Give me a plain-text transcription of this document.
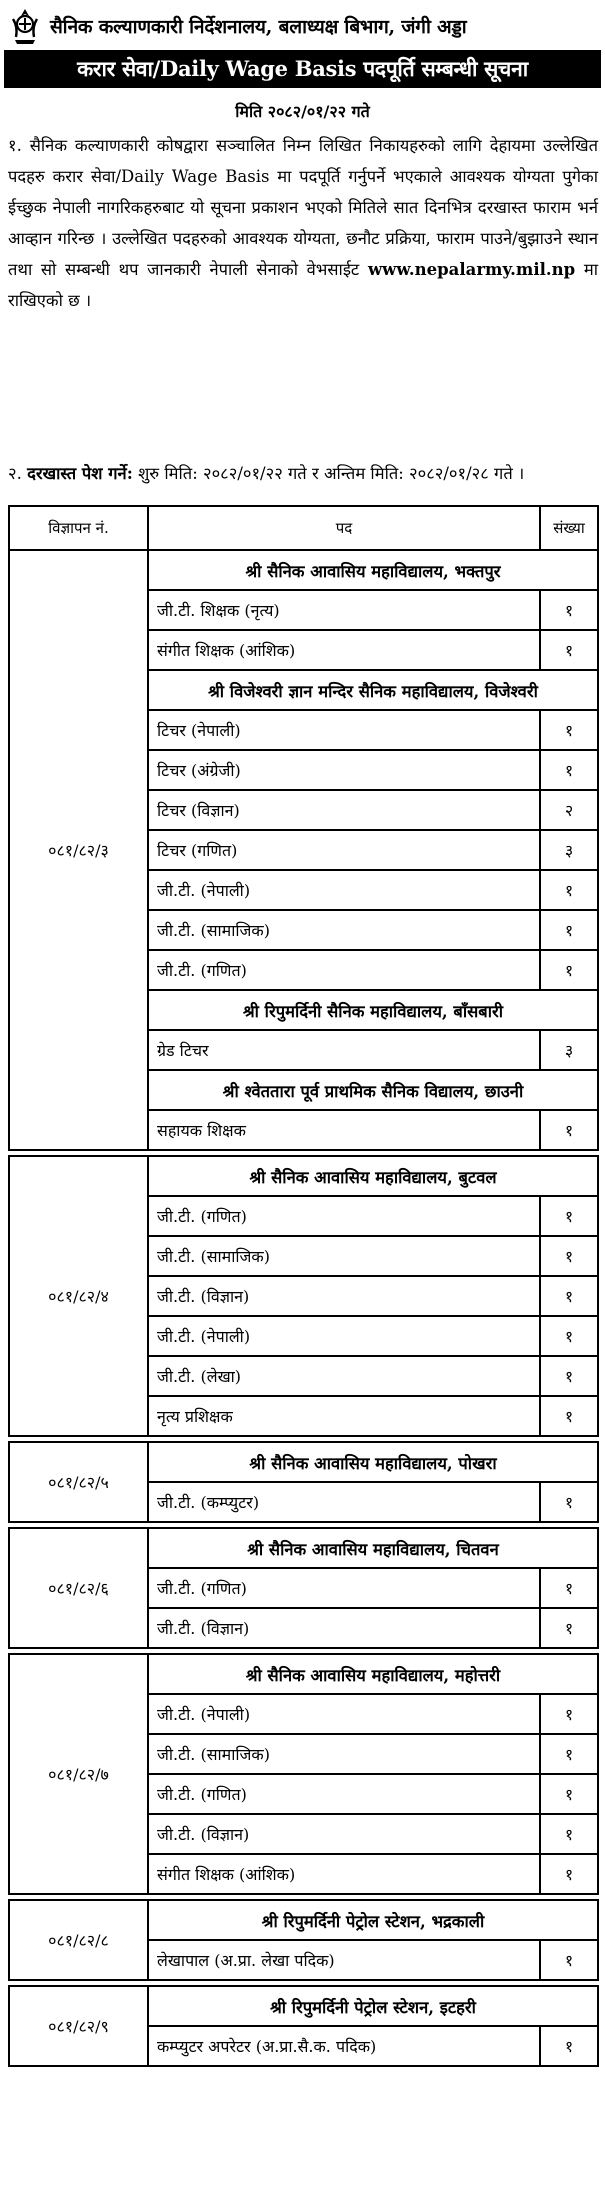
सैनिक कल्याणकारी निर्देशनालय, बलाध्यक्ष बिभाग, जंगी अड्डा
करार सेवा/Daily Wage Basis पदपूर्ति सम्बन्धी सूचना
मिति २०८२/०१/२२ गते
१. सैनिक कल्याणकारी कोषद्वारा सञ्चालित निम्न लिखित निकायहरुको लागि देहायमा उल्लेखित पदहरु करार सेवा/Daily Wage Basis मा पदपूर्ति गर्नुपर्ने भएकाले आवश्यक योग्यता पुगेका ईच्छुक नेपाली नागरिकहरुबाट यो सूचना प्रकाशन भएको मितिले सात दिनभित्र दरखास्त फाराम भर्न आव्हान गरिन्छ । उल्लेखित पदहरुको आवश्यक योग्यता, छनौट प्रक्रिया, फाराम पाउने/बुझाउने स्थान तथा सो सम्बन्धी थप जानकारी नेपाली सेनाको वेभसाईट www.nepalarmy.mil.np मा राखिएको छ ।
२. दरखास्त पेश गर्ने: शुरु मिति: २०८२/०१/२२ गते र अन्तिम मिति: २०८२/०१/२८ गते ।
विज्ञापन नं.	पद	संख्या
०८१/८२/३	श्री सैनिक आवासिय महाविद्यालय, भक्तपुर	
	जी.टी. शिक्षक (नृत्य)	१
	संगीत शिक्षक (आंशिक)	१
	श्री विजेश्वरी ज्ञान मन्दिर सैनिक महाविद्यालय, विजेश्वरी	
	टिचर (नेपाली)	१
	टिचर (अंग्रेजी)	१
	टिचर (विज्ञान)	२
	टिचर (गणित)	३
	जी.टी. (नेपाली)	१
	जी.टी. (सामाजिक)	१
	जी.टी. (गणित)	१
	श्री रिपुमर्दिनी सैनिक महाविद्यालय, बाँसबारी	
	ग्रेड टिचर	३
	श्री श्वेततारा पूर्व प्राथमिक सैनिक विद्यालय, छाउनी	
	सहायक शिक्षक	१

०८१/८२/४	श्री सैनिक आवासिय महाविद्यालय, बुटवल	
	जी.टी. (गणित)	१
	जी.टी. (सामाजिक)	१
	जी.टी. (विज्ञान)	१
	जी.टी. (नेपाली)	१
	जी.टी. (लेखा)	१
	नृत्य प्रशिक्षक	१

०८१/८२/५	श्री सैनिक आवासिय महाविद्यालय, पोखरा	
	जी.टी. (कम्प्युटर)	१

०८१/८२/६	श्री सैनिक आवासिय महाविद्यालय, चितवन	
	जी.टी. (गणित)	१
	जी.टी. (विज्ञान)	१

०८१/८२/७	श्री सैनिक आवासिय महाविद्यालय, महोत्तरी	
	जी.टी. (नेपाली)	१
	जी.टी. (सामाजिक)	१
	जी.टी. (गणित)	१
	जी.टी. (विज्ञान)	१
	संगीत शिक्षक (आंशिक)	१

०८१/८२/८	श्री रिपुमर्दिनी पेट्रोल स्टेशन, भद्रकाली	
	लेखापाल (अ.प्रा. लेखा पदिक)	१

०८१/८२/९	श्री रिपुमर्दिनी पेट्रोल स्टेशन, इटहरी	
	कम्प्युटर अपरेटर (अ.प्रा.सै.क. पदिक)	१
